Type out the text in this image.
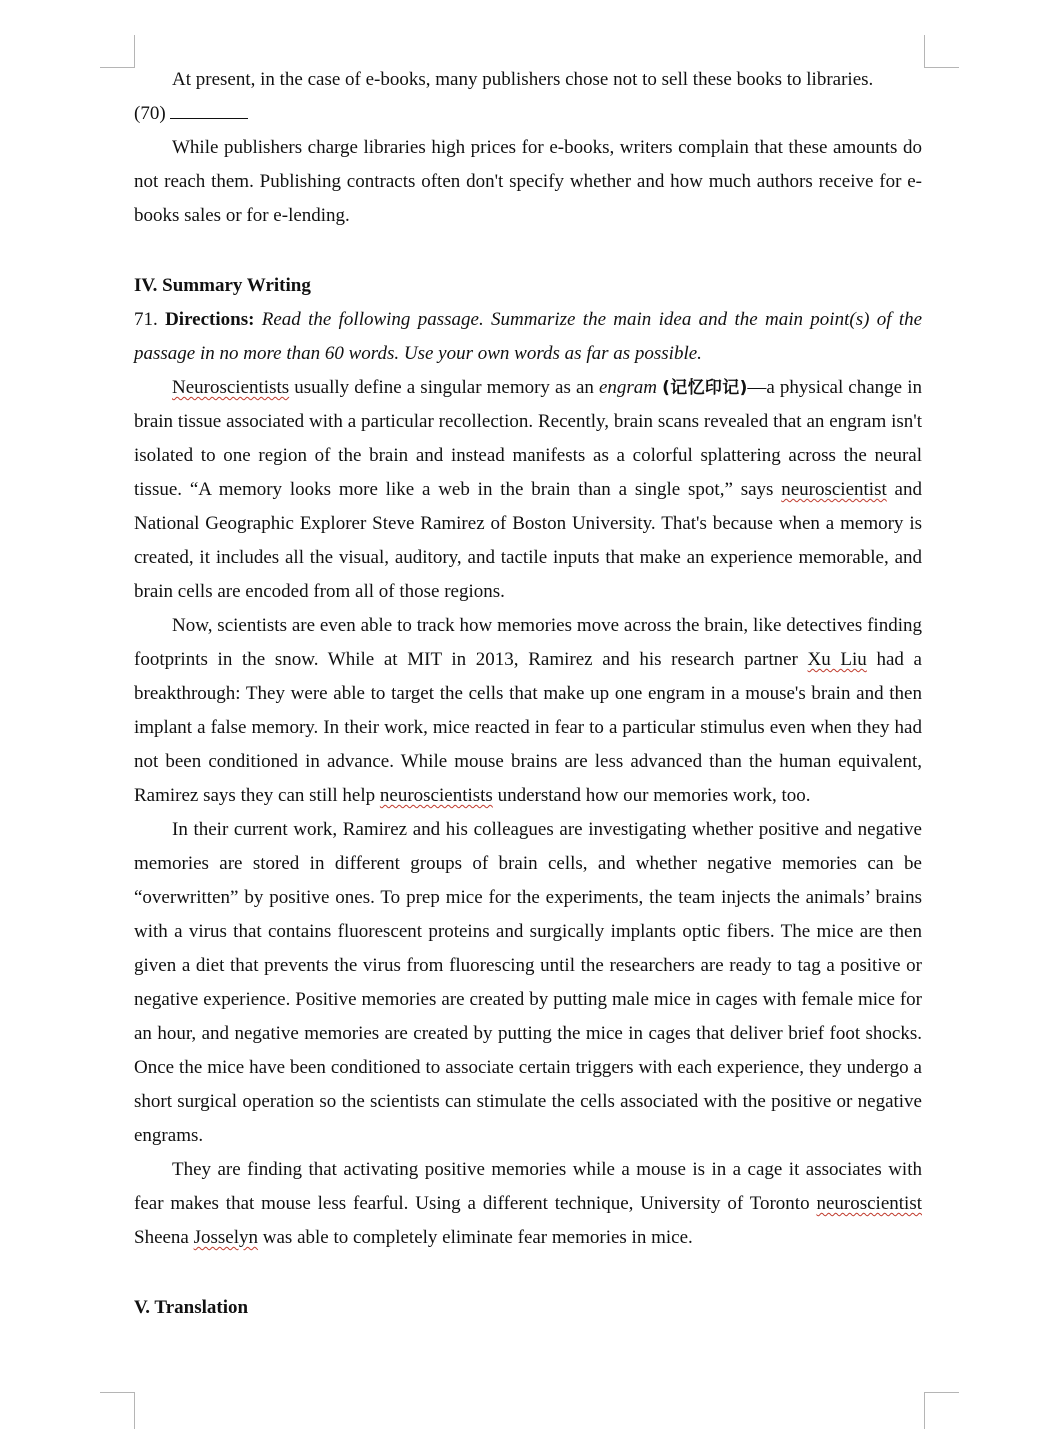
At present, in the case of e-books, many publishers chose not to sell these books to libraries.

(70)

While publishers charge libraries high prices for e-books, writers complain that these amounts do not reach them. Publishing contracts often don't specify whether and how much authors receive for e-books sales or for e-lending.

IV. Summary Writing

71. Directions: Read the following passage. Summarize the main idea and the main point(s) of the passage in no more than 60 words. Use your own words as far as possible.

Neuroscientists usually define a singular memory as an engram (记忆印记)—a physical change in brain tissue associated with a particular recollection. Recently, brain scans revealed that an engram isn't isolated to one region of the brain and instead manifests as a colorful splattering across the neural tissue. “A memory looks more like a web in the brain than a single spot,” says neuroscientist and National Geographic Explorer Steve Ramirez of Boston University. That's because when a memory is created, it includes all the visual, auditory, and tactile inputs that make an experience memorable, and brain cells are encoded from all of those regions.

Now, scientists are even able to track how memories move across the brain, like detectives finding footprints in the snow. While at MIT in 2013, Ramirez and his research partner Xu Liu had a breakthrough: They were able to target the cells that make up one engram in a mouse's brain and then implant a false memory. In their work, mice reacted in fear to a particular stimulus even when they had not been conditioned in advance. While mouse brains are less advanced than the human equivalent, Ramirez says they can still help neuroscientists understand how our memories work, too.

In their current work, Ramirez and his colleagues are investigating whether positive and negative memories are stored in different groups of brain cells, and whether negative memories can be “overwritten” by positive ones. To prep mice for the experiments, the team injects the animals’ brains with a virus that contains fluorescent proteins and surgically implants optic fibers. The mice are then given a diet that prevents the virus from fluorescing until the researchers are ready to tag a positive or negative experience. Positive memories are created by putting male mice in cages with female mice for an hour, and negative memories are created by putting the mice in cages that deliver brief foot shocks. Once the mice have been conditioned to associate certain triggers with each experience, they undergo a short surgical operation so the scientists can stimulate the cells associated with the positive or negative engrams.

They are finding that activating positive memories while a mouse is in a cage it associates with fear makes that mouse less fearful. Using a different technique, University of Toronto neuroscientist Sheena Josselyn was able to completely eliminate fear memories in mice.

V. Translation
